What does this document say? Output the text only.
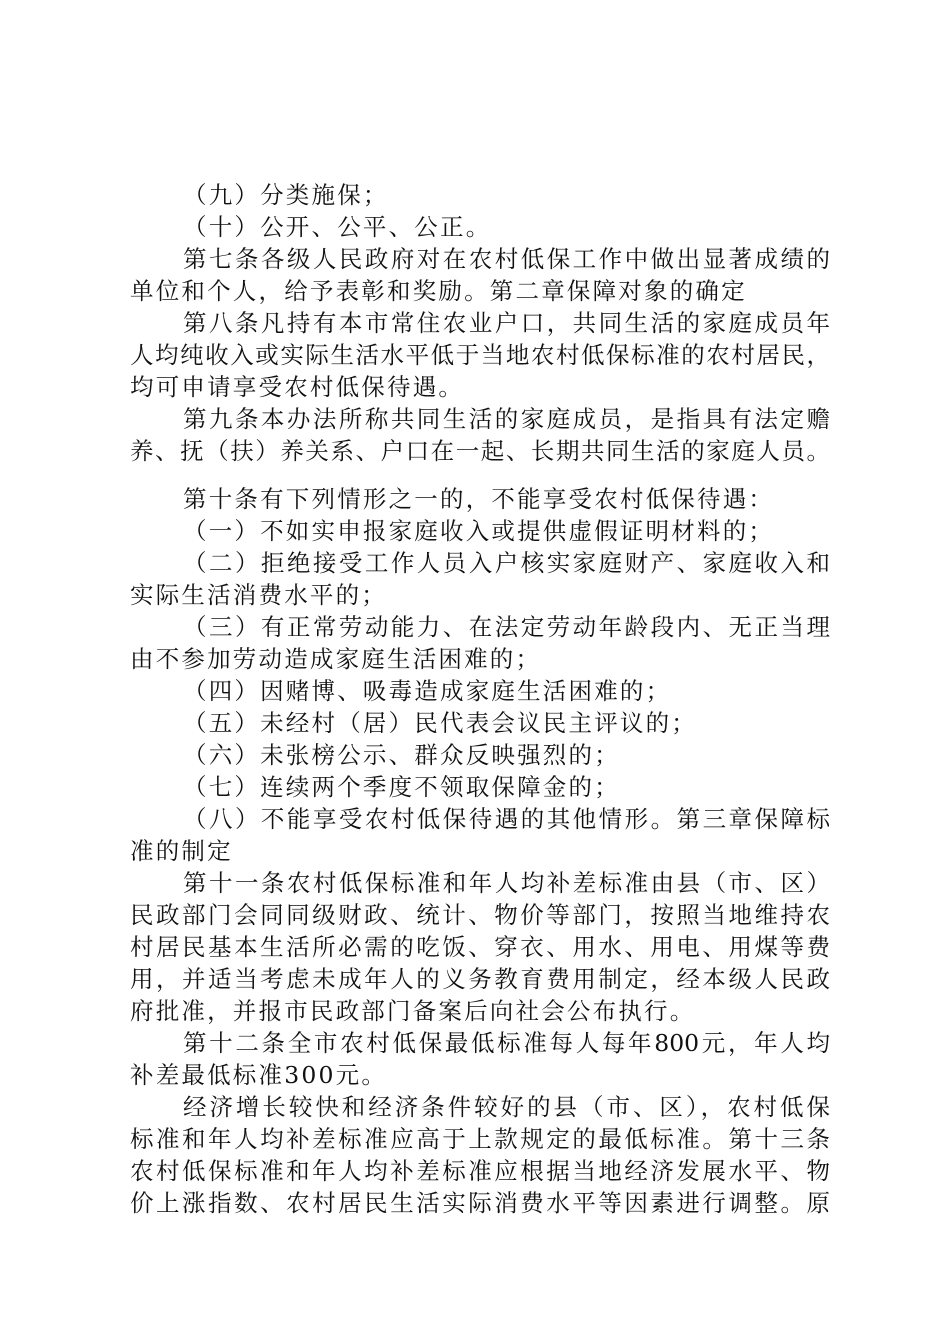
（九）分类施保；
（十）公开、公平、公正。
第七条各级人民政府对在农村低保工作中做出显著成绩的
单位和个人，给予表彰和奖励。第二章保障对象的确定
第八条凡持有本市常住农业户口，共同生活的家庭成员年
人均纯收入或实际生活水平低于当地农村低保标准的农村居民，
均可申请享受农村低保待遇。
第九条本办法所称共同生活的家庭成员，是指具有法定赡
养、抚（扶）养关系、户口在一起、长期共同生活的家庭人员。
第十条有下列情形之一的，不能享受农村低保待遇：
（一）不如实申报家庭收入或提供虚假证明材料的；
（二）拒绝接受工作人员入户核实家庭财产、家庭收入和
实际生活消费水平的；
（三）有正常劳动能力、在法定劳动年龄段内、无正当理
由不参加劳动造成家庭生活困难的；
（四）因赌博、吸毒造成家庭生活困难的；
（五）未经村（居）民代表会议民主评议的；
（六）未张榜公示、群众反映强烈的；
（七）连续两个季度不领取保障金的；
（八）不能享受农村低保待遇的其他情形。第三章保障标
准的制定
第十一条农村低保标准和年人均补差标准由县（市、区）
民政部门会同同级财政、统计、物价等部门，按照当地维持农
村居民基本生活所必需的吃饭、穿衣、用水、用电、用煤等费
用，并适当考虑未成年人的义务教育费用制定，经本级人民政
府批准，并报市民政部门备案后向社会公布执行。
第十二条全市农村低保最低标准每人每年800元，年人均
补差最低标准300元。
经济增长较快和经济条件较好的县（市、区），农村低保
标准和年人均补差标准应高于上款规定的最低标准。第十三条
农村低保标准和年人均补差标准应根据当地经济发展水平、物
价上涨指数、农村居民生活实际消费水平等因素进行调整。原
